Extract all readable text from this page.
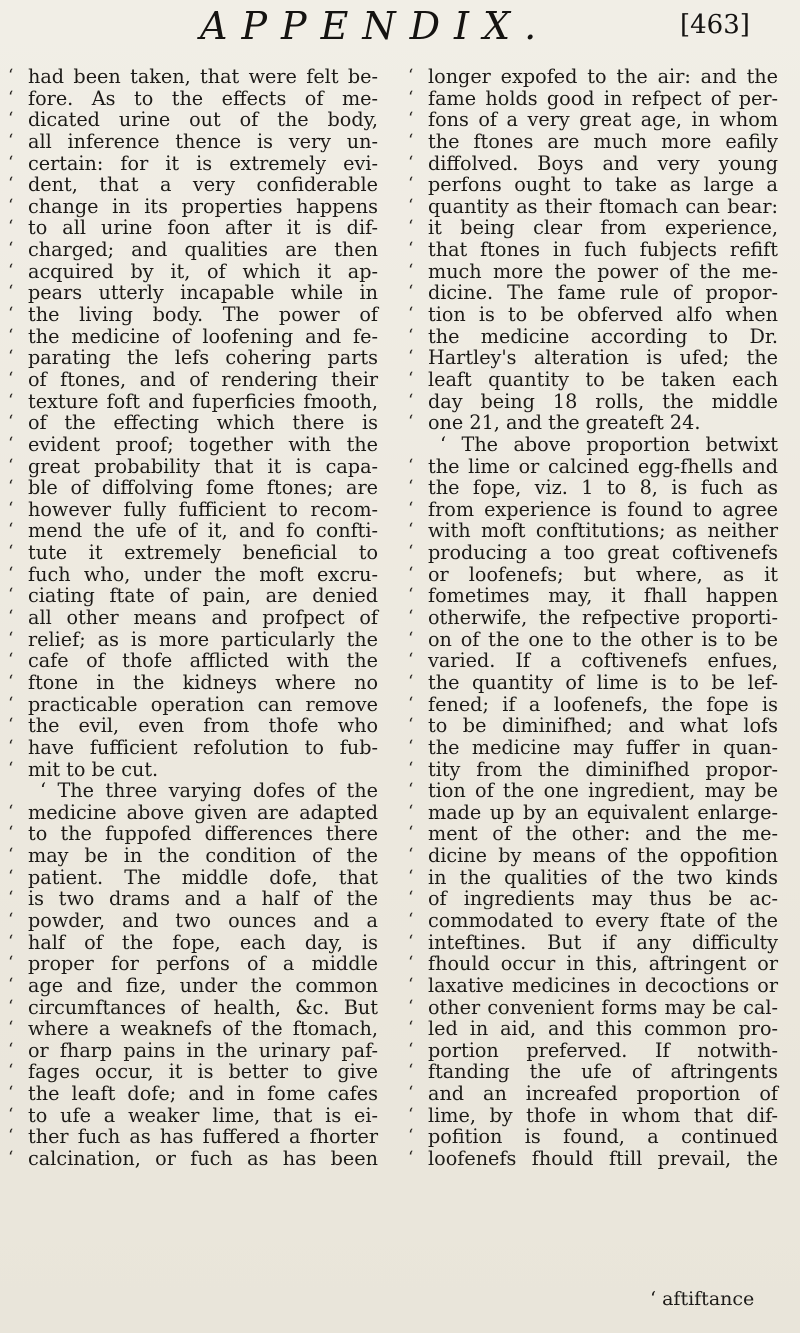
APPENDIX.	[463]
‘ had been taken, that were felt be-
‘ fore. As to the effects of me-
‘ dicated urine out of the body,
‘ all inference thence is very un-
‘ certain: for it is extremely evi-
‘ dent, that a very confiderable
‘ change in its properties happens
‘ to all urine foon after it is dif-
‘ charged; and qualities are then
‘ acquired by it, of which it ap-
‘ pears utterly incapable while in
‘ the living body. The power of
‘ the medicine of loofening and fe-
‘ parating the lefs cohering parts
‘ of ftones, and of rendering their
‘ texture foft and fuperficies fmooth,
‘ of the effecting which there is
‘ evident proof; together with the
‘ great probability that it is capa-
‘ ble of diffolving fome ftones; are
‘ however fully fufficient to recom-
‘ mend the ufe of it, and fo confti-
‘ tute it extremely beneficial to
‘ fuch who, under the moft excru-
‘ ciating ftate of pain, are denied
‘ all other means and profpect of
‘ relief; as is more particularly the
‘ cafe of thofe afflicted with the
‘ ftone in the kidneys where no
‘ practicable operation can remove
‘ the evil, even from thofe who
‘ have fufficient refolution to fub-
‘ mit to be cut.
‘ The three varying dofes of the
‘ medicine above given are adapted
‘ to the fuppofed differences there
‘ may be in the condition of the
‘ patient. The middle dofe, that
‘ is two drams and a half of the
‘ powder, and two ounces and a
‘ half of the fope, each day, is
‘ proper for perfons of a middle
‘ age and fize, under the common
‘ circumftances of health, &c. But
‘ where a weaknefs of the ftomach,
‘ or fharp pains in the urinary paf-
‘ fages occur, it is better to give
‘ the leaft dofe; and in fome cafes
‘ to ufe a weaker lime, that is ei-
‘ ther fuch as has fuffered a fhorter
‘ calcination, or fuch as has been
‘ longer expofed to the air: and the
‘ fame holds good in refpect of per-
‘ fons of a very great age, in whom
‘ the ftones are much more eafily
‘ diffolved. Boys and very young
‘ perfons ought to take as large a
‘ quantity as their ftomach can bear:
‘ it being clear from experience,
‘ that ftones in fuch fubjects refift
‘ much more the power of the me-
‘ dicine. The fame rule of propor-
‘ tion is to be obferved alfo when
‘ the medicine according to Dr.
‘ Hartley's alteration is ufed; the
‘ leaft quantity to be taken each
‘ day being 18 rolls, the middle
‘ one 21, and the greateft 24.
‘ The above proportion betwixt
‘ the lime or calcined egg-fhells and
‘ the fope, viz. 1 to 8, is fuch as
‘ from experience is found to agree
‘ with moft conftitutions; as neither
‘ producing a too great coftivenefs
‘ or loofenefs; but where, as it
‘ fometimes may, it fhall happen
‘ otherwife, the refpective proporti-
‘ on of the one to the other is to be
‘ varied. If a coftivenefs enfues,
‘ the quantity of lime is to be lef-
‘ fened; if a loofenefs, the fope is
‘ to be diminifhed; and what lofs
‘ the medicine may fuffer in quan-
‘ tity from the diminifhed propor-
‘ tion of the one ingredient, may be
‘ made up by an equivalent enlarge-
‘ ment of the other: and the me-
‘ dicine by means of the oppofition
‘ in the qualities of the two kinds
‘ of ingredients may thus be ac-
‘ commodated to every ftate of the
‘ inteftines. But if any difficulty
‘ fhould occur in this, aftringent or
‘ laxative medicines in decoctions or
‘ other convenient forms may be cal-
‘ led in aid, and this common pro-
‘ portion preferved. If notwith-
‘ ftanding the ufe of aftringents
‘ and an increafed proportion of
‘ lime, by thofe in whom that dif-
‘ pofition is found, a continued
‘ loofenefs fhould ftill prevail, the
‘ aftiftance
